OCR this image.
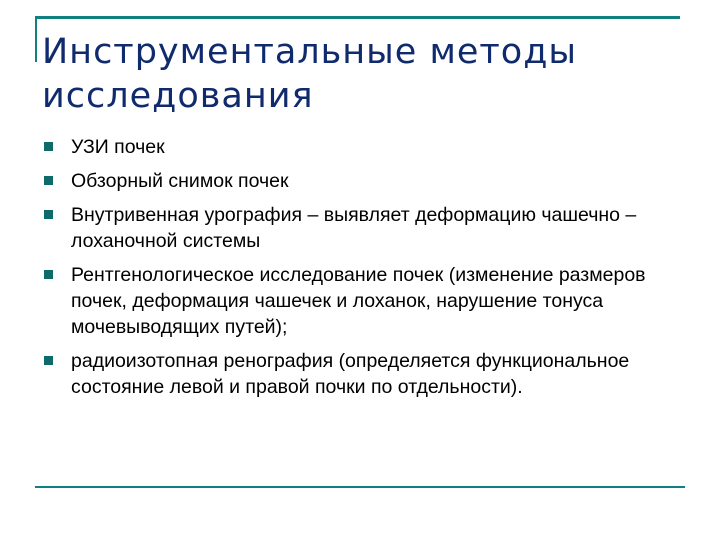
Инструментальные методы исследования
УЗИ почек
Обзорный снимок почек
Внутривенная урография – выявляет деформацию чашечно – лоханочной системы
Рентгенологическое исследование почек (изменение размеров почек, деформация чашечек и лоханок, нарушение тонуса мочевыводящих путей);
радиоизотопная ренография (определяется функциональное состояние левой и правой почки по отдельности).
